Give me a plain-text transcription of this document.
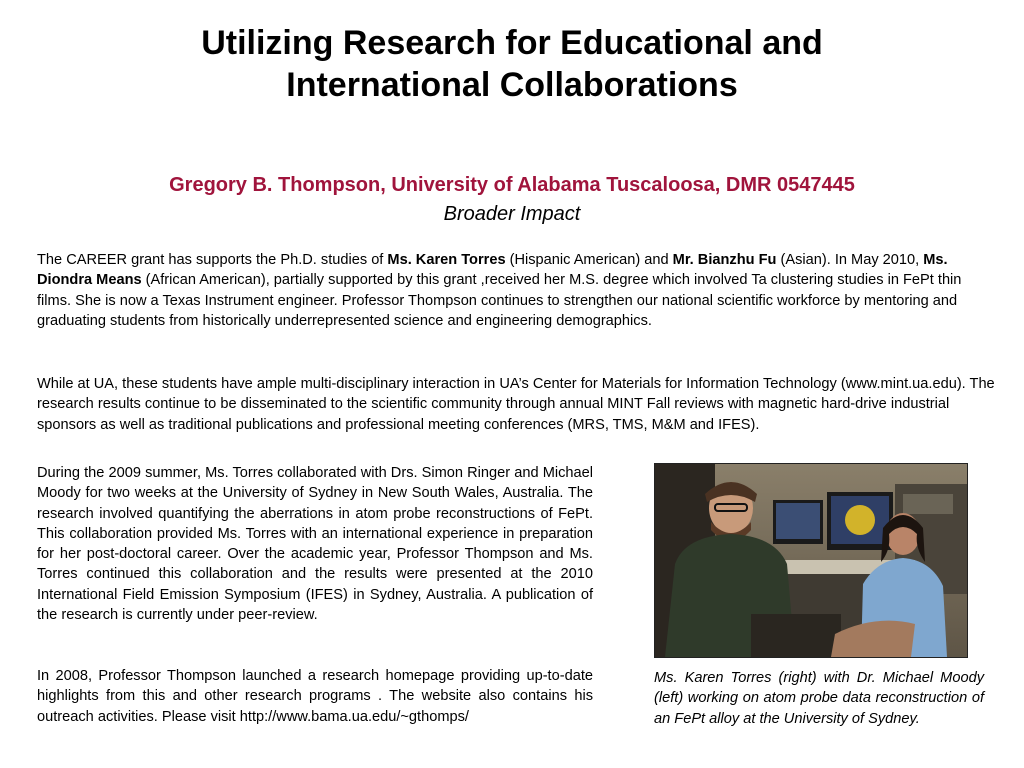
Utilizing Research for Educational and
International Collaborations

Gregory B. Thompson, University of Alabama Tuscaloosa, DMR 0547445

Broader Impact

The CAREER grant has supports the Ph.D. studies of Ms. Karen Torres (Hispanic American) and Mr. Bianzhu Fu (Asian). In May 2010, Ms. Diondra Means (African American), partially supported by this grant ,received her M.S. degree which involved Ta clustering studies in FePt thin films. She is now a Texas Instrument engineer. Professor Thompson continues to strengthen our national scientific workforce by mentoring and graduating students from historically underrepresented science and engineering demographics.

While at UA, these students have ample multi-disciplinary interaction in UA’s Center for Materials for Information Technology (www.mint.ua.edu). The research results continue to be disseminated to the scientific community through annual MINT Fall reviews with magnetic hard-drive industrial sponsors as well as traditional publications and professional meeting conferences (MRS, TMS, M&M and IFES).

During the 2009 summer, Ms. Torres collaborated with Drs. Simon Ringer and Michael Moody for two weeks at the University of Sydney in New South Wales, Australia. The research involved quantifying the aberrations in atom probe reconstructions of FePt. This collaboration provided Ms. Torres with an international experience in preparation for her post-doctoral career. Over the academic year, Professor Thompson and Ms. Torres continued this collaboration and the results were presented at the 2010 International Field Emission Symposium (IFES) in Sydney, Australia. A publication of the research is currently under peer-review.

In 2008, Professor Thompson launched a research homepage providing up-to-date highlights from this and other research programs . The website also contains his outreach activities. Please visit http://www.bama.ua.edu/~gthomps/

Ms. Karen Torres (right) with Dr. Michael Moody (left) working on atom probe data reconstruction of an FePt alloy at the University of Sydney.
